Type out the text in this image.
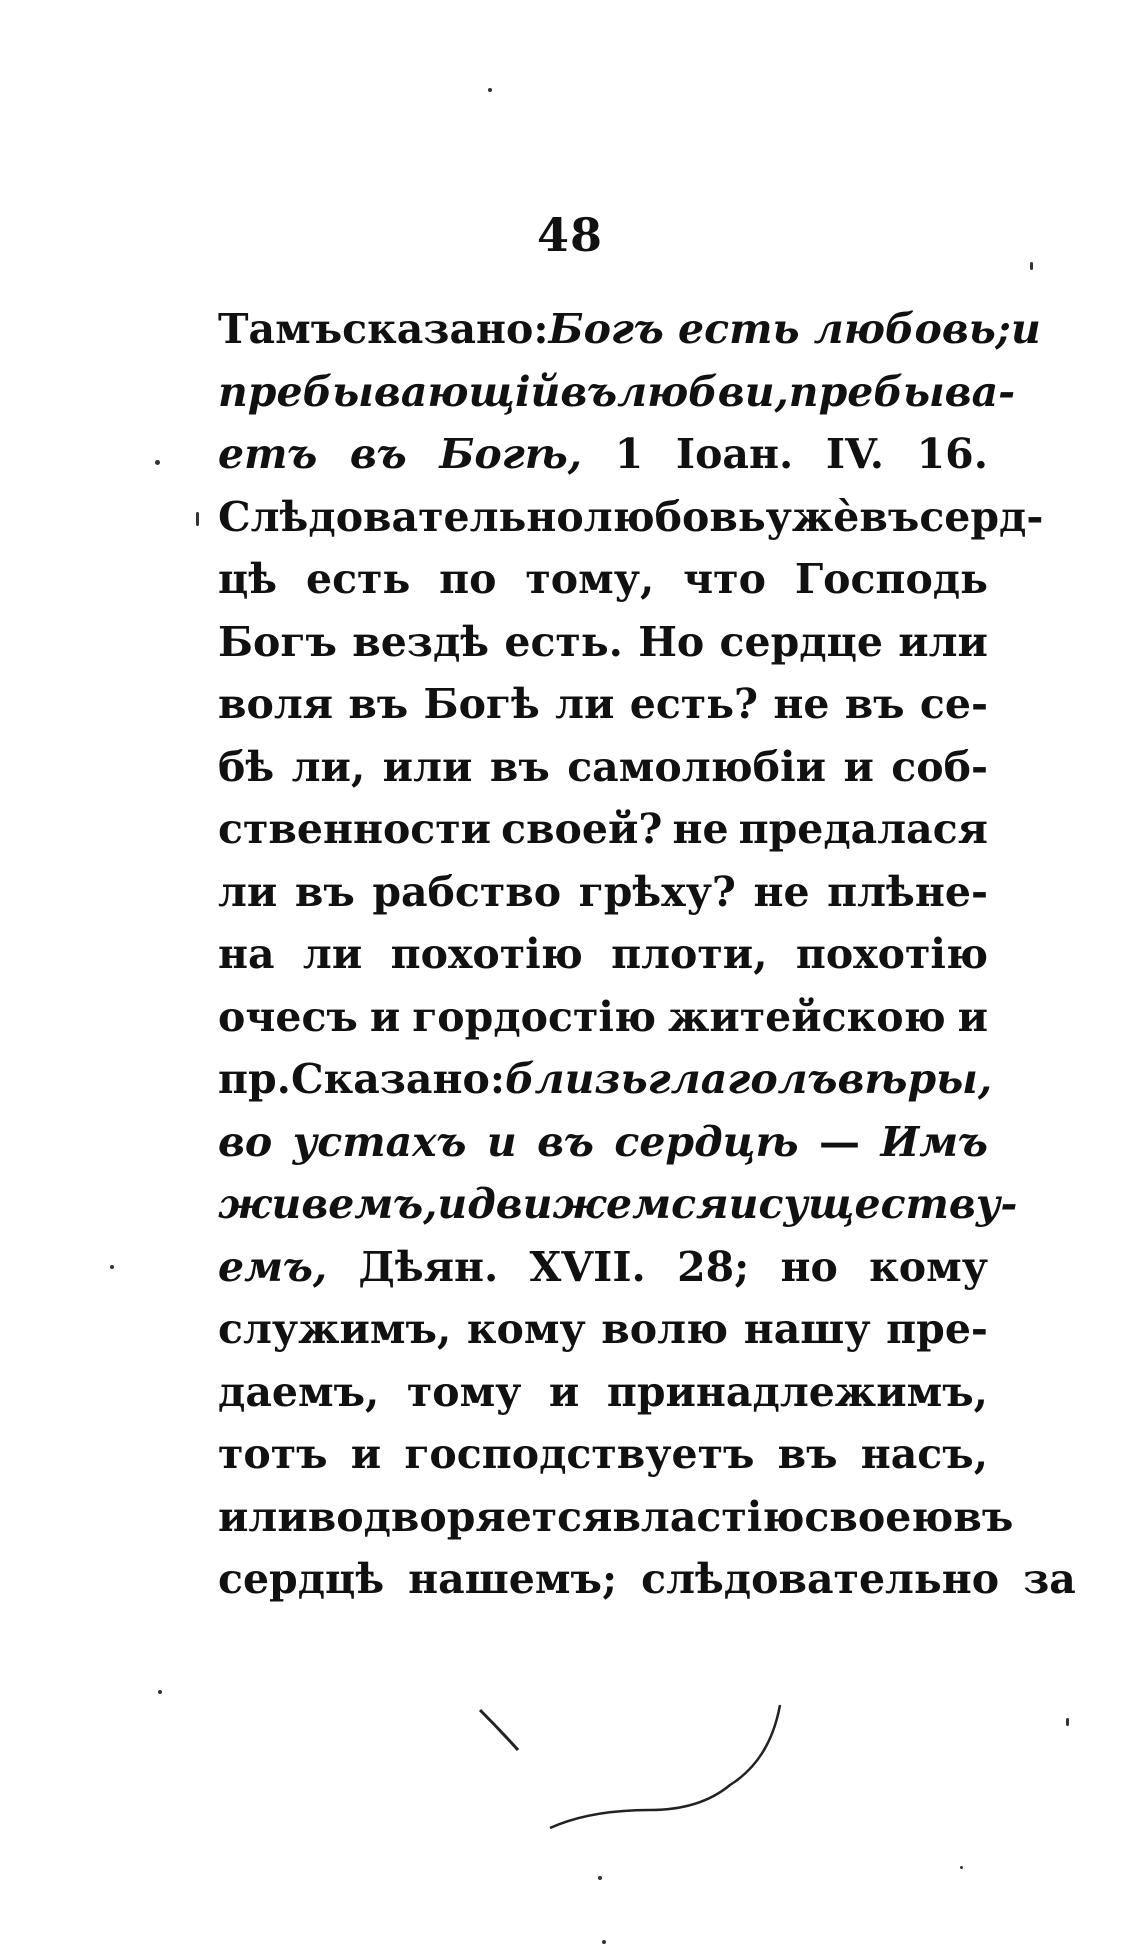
48
Тамъ сказано: Богъ есть любовь; и
пребывающій въ любви, пребыва-
етъ въ Богѣ, 1 Іоан. IV. 16.
Слѣдовательно любовь ужѐ въ серд-
цѣ есть по тому, что Господь
Богъ вездѣ есть. Но сердце или
воля въ Богѣ ли есть? не въ се-
бѣ ли, или въ самолюбіи и соб-
ственности своей? не предалася
ли въ рабство грѣху? не плѣне-
на ли похотію плоти, похотію
очесъ и гордостію житейскою и
пр. Сказано: близь глаголъ вѣры,
во устахъ и въ сердцѣ — Имъ
живемъ, и движемся и существу-
емъ, Дѣян. XVII. 28; но кому
служимъ, кому волю нашу пре-
даемъ, тому и принадлежимъ,
тотъ и господствуетъ въ насъ,
или водворяется властію своею въ
сердцѣ нашемъ; слѣдовательно за
